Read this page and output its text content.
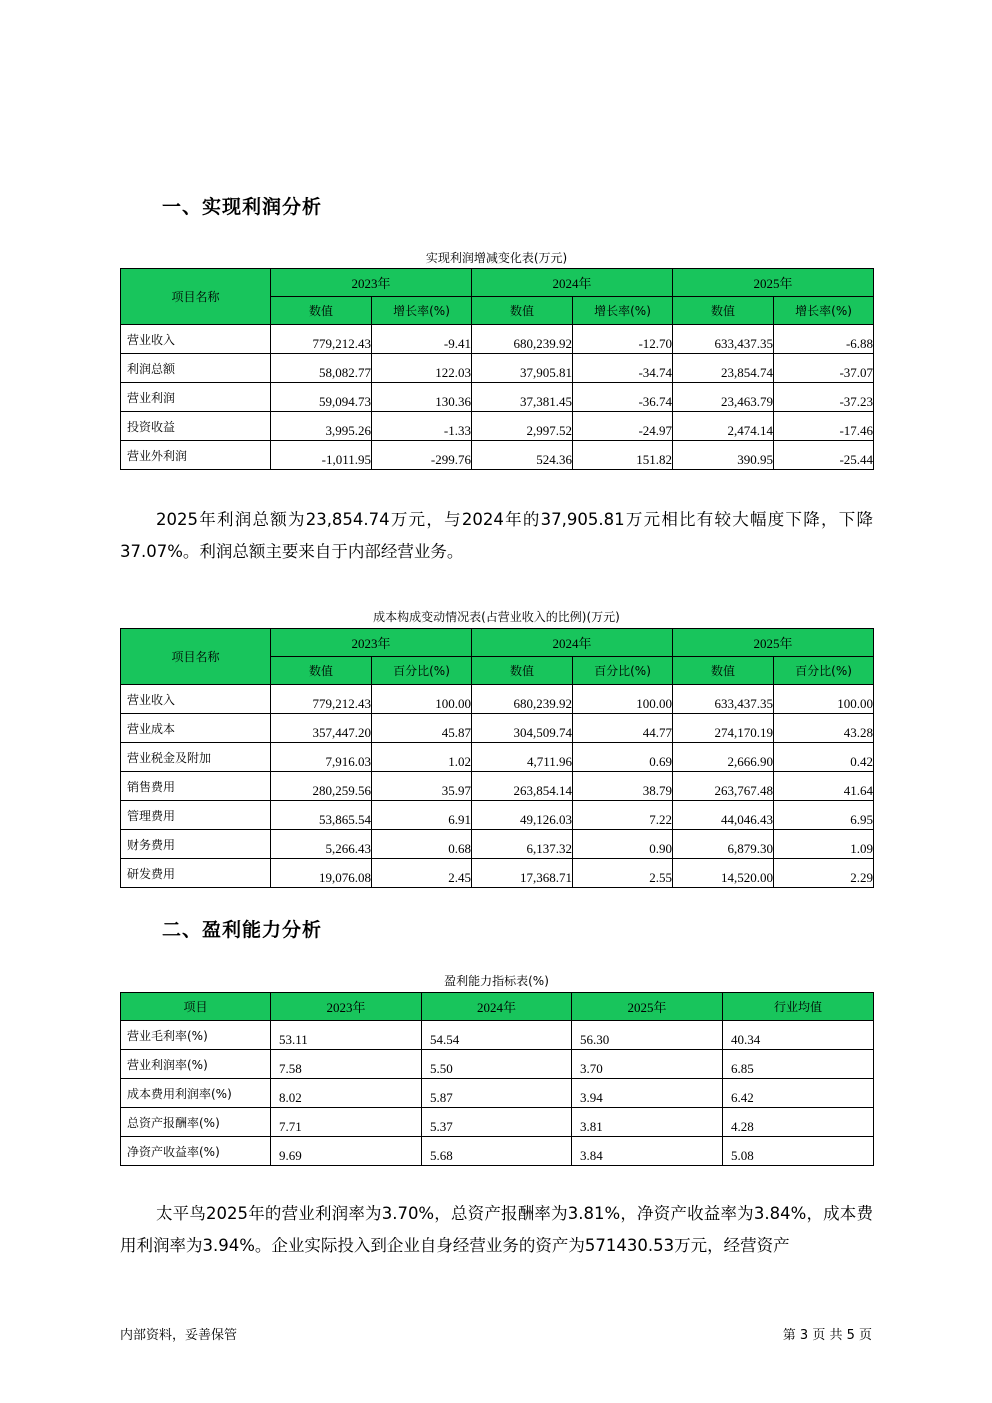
一、实现利润分析
实现利润增减变化表(万元)
项目名称	2023年		2024年		2025年	
	数值	增长率(%)	数值	增长率(%)	数值	增长率(%)
营业收入	779,212.43	-9.41	680,239.92	-12.70	633,437.35	-6.88
利润总额	58,082.77	122.03	37,905.81	-34.74	23,854.74	-37.07
营业利润	59,094.73	130.36	37,381.45	-36.74	23,463.79	-37.23
投资收益	3,995.26	-1.33	2,997.52	-24.97	2,474.14	-17.46
营业外利润	-1,011.95	-299.76	524.36	151.82	390.95	-25.44

2025年利润总额为23,854.74万元，与2024年的37,905.81万元相比有较大幅度下降，下降37.07%。利润总额主要来自于内部经营业务。

成本构成变动情况表(占营业收入的比例)(万元)
项目名称	2023年		2024年		2025年	
	数值	百分比(%)	数值	百分比(%)	数值	百分比(%)
营业收入	779,212.43	100.00	680,239.92	100.00	633,437.35	100.00
营业成本	357,447.20	45.87	304,509.74	44.77	274,170.19	43.28
营业税金及附加	7,916.03	1.02	4,711.96	0.69	2,666.90	0.42
销售费用	280,259.56	35.97	263,854.14	38.79	263,767.48	41.64
管理费用	53,865.54	6.91	49,126.03	7.22	44,046.43	6.95
财务费用	5,266.43	0.68	6,137.32	0.90	6,879.30	1.09
研发费用	19,076.08	2.45	17,368.71	2.55	14,520.00	2.29
二、盈利能力分析
盈利能力指标表(%)
项目	2023年	2024年	2025年	行业均值
营业毛利率(%)	53.11	54.54	56.30	40.34
营业利润率(%)	7.58	5.50	3.70	6.85
成本费用利润率(%)	8.02	5.87	3.94	6.42
总资产报酬率(%)	7.71	5.37	3.81	4.28
净资产收益率(%)	9.69	5.68	3.84	5.08

太平鸟2025年的营业利润率为3.70%，总资产报酬率为3.81%，净资产收益率为3.84%，成本费用利润率为3.94%。企业实际投入到企业自身经营业务的资产为571430.53万元，经营资产

内部资料，妥善保管	第 3 页 共 5 页
